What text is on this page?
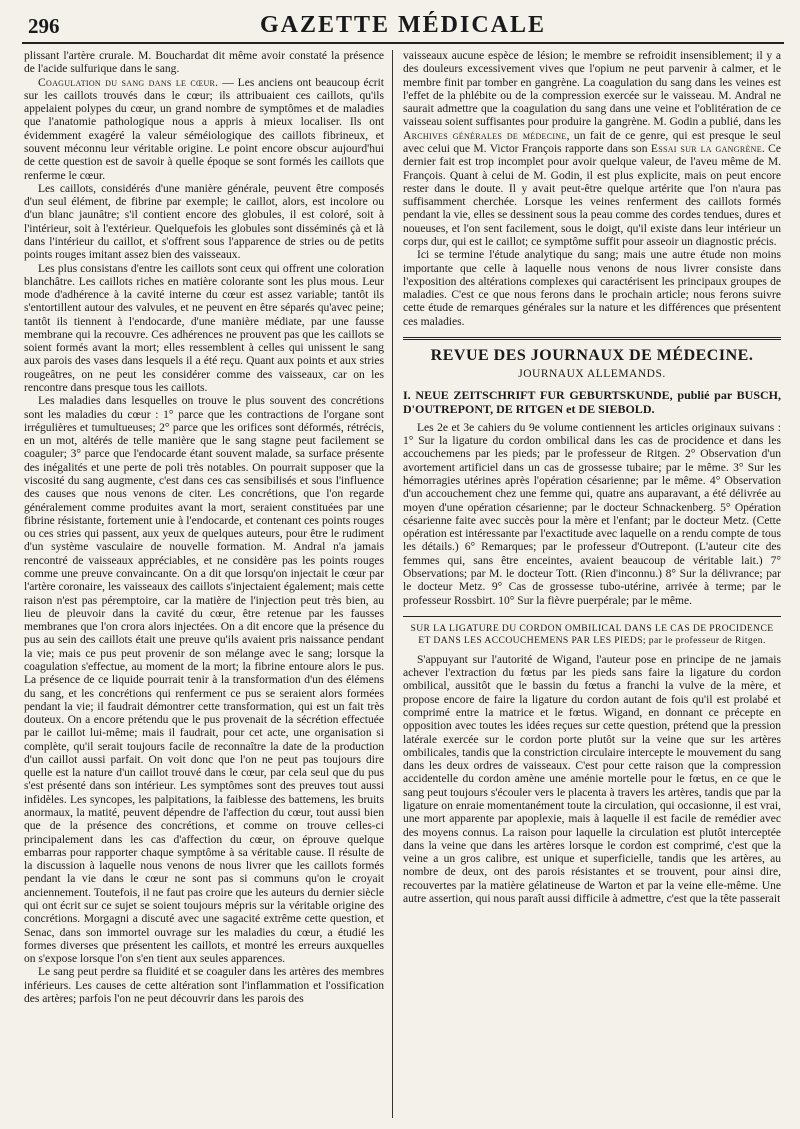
296	GAZETTE MÉDICALE

plissant l'artère crurale. M. Bouchardat dit même avoir constaté la présence de l'acide sulfurique dans le sang.

Coagulation du sang dans le cœur. — Les anciens ont beaucoup écrit sur les caillots trouvés dans le cœur; ils attribuaient ces caillots, qu'ils appelaient polypes du cœur, un grand nombre de symptômes et de maladies que l'anatomie pathologique nous a appris à mieux localiser. Ils ont évidemment exagéré la valeur séméiologique des caillots fibrineux, et souvent méconnu leur véritable origine. Le point encore obscur aujourd'hui de cette question est de savoir à quelle époque se sont formés les caillots que renferme le cœur.

Les caillots, considérés d'une manière générale, peuvent être composés d'un seul élément, de fibrine par exemple; le caillot, alors, est incolore ou d'un blanc jaunâtre; s'il contient encore des globules, il est coloré, soit à l'intérieur, soit à l'extérieur. Quelquefois les globules sont disséminés çà et là dans l'intérieur du caillot, et s'offrent sous l'apparence de stries ou de petits points rouges imitant assez bien des vaisseaux.

Les plus consistans d'entre les caillots sont ceux qui offrent une coloration blanchâtre. Les caillots riches en matière colorante sont les plus mous. Leur mode d'adhérence à la cavité interne du cœur est assez variable; tantôt ils s'entortillent autour des valvules, et ne peuvent en être séparés qu'avec peine; tantôt ils tiennent à l'endocarde, d'une manière médiate, par une fausse membrane qui la recouvre. Ces adhérences ne prouvent pas que les caillots se soient formés avant la mort; elles ressemblent à celles qui unissent le sang aux parois des vases dans lesquels il a été reçu. Quant aux points et aux stries rougeâtres, on ne peut les considérer comme des vaisseaux, car on les rencontre dans presque tous les caillots.

Les maladies dans lesquelles on trouve le plus souvent des concrétions sont les maladies du cœur : 1° parce que les contractions de l'organe sont irrégulières et tumultueuses; 2° parce que les orifices sont déformés, rétrécis, en un mot, altérés de telle manière que le sang stagne peut facilement se coaguler; 3° parce que l'endocarde étant souvent malade, sa surface présente des inégalités et une perte de poli très notables. On pourrait supposer que la viscosité du sang augmente, c'est dans ces cas sensibilisés et sous l'influence des causes que nous venons de citer. Les concrétions, que l'on regarde généralement comme produites avant la mort, seraient constituées par une fibrine résistante, fortement unie à l'endocarde, et contenant ces points rouges ou ces stries qui passent, aux yeux de quelques auteurs, pour être le rudiment d'un système vasculaire de nouvelle formation. M. Andral n'a jamais rencontré de vaisseaux appréciables, et ne considère pas les points rouges comme une preuve convaincante. On a dit que lorsqu'on injectait le cœur par l'artère coronaire, les vaisseaux des caillots s'injectaient également; mais cette raison n'est pas péremptoire, car la matière de l'injection peut très bien, au lieu de pleuvoir dans la cavité du cœur, être retenue par les fausses membranes que l'on crora alors injectées. On a dit encore que la présence du pus au sein des caillots était une preuve qu'ils avaient pris naissance pendant la vie; mais ce pus peut provenir de son mélange avec le sang; lorsque la coagulation s'effectue, au moment de la mort; la fibrine entoure alors le pus. La présence de ce liquide pourrait tenir à la transformation d'un des élémens du sang, et les concrétions qui renferment ce pus se seraient alors formées pendant la vie; il faudrait démontrer cette transformation, qui est un fait très douteux. On a encore prétendu que le pus provenait de la sécrétion effectuée par le caillot lui-même; mais il faudrait, pour cet acte, une organisation si complète, qu'il serait toujours facile de reconnaître la date de la production d'un caillot aussi parfait. On voit donc que l'on ne peut pas toujours dire quelle est la nature d'un caillot trouvé dans le cœur, par cela seul que du pus s'est présenté dans son intérieur. Les symptômes sont des preuves tout aussi infidèles. Les syncopes, les palpitations, la faiblesse des battemens, les bruits anormaux, la matité, peuvent dépendre de l'affection du cœur, tout aussi bien que de la présence des concrétions, et comme on trouve celles-ci principalement dans les cas d'affection du cœur, on éprouve quelque embarras pour rapporter chaque symptôme à sa véritable cause. Il résulte de la discussion à laquelle nous venons de nous livrer que les caillots formés pendant la vie dans le cœur ne sont pas si communs qu'on le croyait anciennement. Toutefois, il ne faut pas croire que les auteurs du dernier siècle qui ont écrit sur ce sujet se soient toujours mépris sur la véritable origine des concrétions. Morgagni a discuté avec une sagacité extrême cette question, et Senac, dans son immortel ouvrage sur les maladies du cœur, a étudié les formes diverses que présentent les caillots, et montré les erreurs auxquelles on s'expose lorsque l'on s'en tient aux seules apparences.

Le sang peut perdre sa fluidité et se coaguler dans les artères des membres inférieurs. Les causes de cette altération sont l'inflammation et l'ossification des artères; parfois l'on ne peut découvrir dans les parois des

vaisseaux aucune espèce de lésion; le membre se refroidit insensiblement; il y a des douleurs excessivement vives que l'opium ne peut parvenir à calmer, et le membre finit par tomber en gangrène. La coagulation du sang dans les veines est l'effet de la phlébite ou de la compression exercée sur le vaisseau. M. Andral ne saurait admettre que la coagulation du sang dans une veine et l'oblitération de ce vaisseau soient suffisantes pour produire la gangrène. M. Godin a publié, dans les Archives générales de médecine, un fait de ce genre, qui est presque le seul avec celui que M. Victor François rapporte dans son Essai sur la gangrène. Ce dernier fait est trop incomplet pour avoir quelque valeur, de l'aveu même de M. François. Quant à celui de M. Godin, il est plus explicite, mais on peut encore rester dans le doute. Il y avait peut-être quelque artérite que l'on n'aura pas suffisamment cherchée. Lorsque les veines renferment des caillots formés pendant la vie, elles se dessinent sous la peau comme des cordes tendues, dures et noueuses, et l'on sent facilement, sous le doigt, qu'il existe dans leur intérieur un corps dur, qui est le caillot; ce symptôme suffit pour asseoir un diagnostic précis.

Ici se termine l'étude analytique du sang; mais une autre étude non moins importante que celle à laquelle nous venons de nous livrer consiste dans l'exposition des altérations complexes qui caractérisent les principaux groupes de maladies. C'est ce que nous ferons dans le prochain article; nous ferons suivre cette étude de remarques générales sur la nature et les différences que présentent ces maladies.

REVUE DES JOURNAUX DE MÉDECINE.
JOURNAUX ALLEMANDS.

I. NEUE ZEITSCHRIFT FUR GEBURTSKUNDE, publié par BUSCH, D'OUTREPONT, DE RITGEN et DE SIEBOLD.

Les 2e et 3e cahiers du 9e volume contiennent les articles originaux suivans : 1° Sur la ligature du cordon ombilical dans les cas de procidence et dans les accouchemens par les pieds; par le professeur de Ritgen. 2° Observation d'un avortement artificiel dans un cas de grossesse tubaire; par le même. 3° Sur les hémorragies utérines après l'opération césarienne; par le même. 4° Observation d'un accouchement chez une femme qui, quatre ans auparavant, a été délivrée au moyen d'une opération césarienne; par le docteur Schnackenberg. 5° Opération césarienne faite avec succès pour la mère et l'enfant; par le docteur Metz. (Cette opération est intéressante par l'exactitude avec laquelle on a rendu compte de tous les détails.) 6° Remarques; par le professeur d'Outrepont. (L'auteur cite des femmes qui, sans être enceintes, avaient beaucoup de véritable lait.) 7° Observations; par M. le docteur Tott. (Rien d'inconnu.) 8° Sur la délivrance; par le docteur Metz. 9° Cas de grossesse tubo-utérine, arrivée à terme; par le professeur Rossbirt. 10° Sur la fièvre puerpérale; par le même.

SUR LA LIGATURE DU CORDON OMBILICAL DANS LE CAS DE PROCIDENCE ET DANS LES ACCOUCHEMENS PAR LES PIEDS; par le professeur de Ritgen.

S'appuyant sur l'autorité de Wigand, l'auteur pose en principe de ne jamais achever l'extraction du fœtus par les pieds sans faire la ligature du cordon ombilical, aussitôt que le bassin du fœtus a franchi la vulve de la mère, et propose encore de faire la ligature du cordon autant de fois qu'il est prolabé et comprimé entre la matrice et le fœtus. Wigand, en donnant ce précepte en opposition avec toutes les idées reçues sur cette question, prétend que la pression latérale exercée sur le cordon porte plutôt sur la veine que sur les artères ombilicales, tandis que la constriction circulaire intercepte le mouvement du sang dans les deux ordres de vaisseaux. C'est pour cette raison que la compression accidentelle du cordon amène une aménie mortelle pour le fœtus, en ce que le sang peut toujours s'écouler vers le placenta à travers les artères, tandis que par la ligature on enraie momentanément toute la circulation, qui occasionne, il est vrai, une mort apparente par apoplexie, mais à laquelle il est facile de remédier avec des moyens connus. La raison pour laquelle la circulation est plutôt interceptée dans la veine que dans les artères lorsque le cordon est comprimé, c'est que la veine a un gros calibre, est unique et superficielle, tandis que les artères, au nombre de deux, ont des parois résistantes et se trouvent, pour ainsi dire, recouvertes par la matière gélatineuse de Warton et par la veine elle-même. Une autre assertion, qui nous paraît aussi difficile à admettre, c'est que la tête passerait
